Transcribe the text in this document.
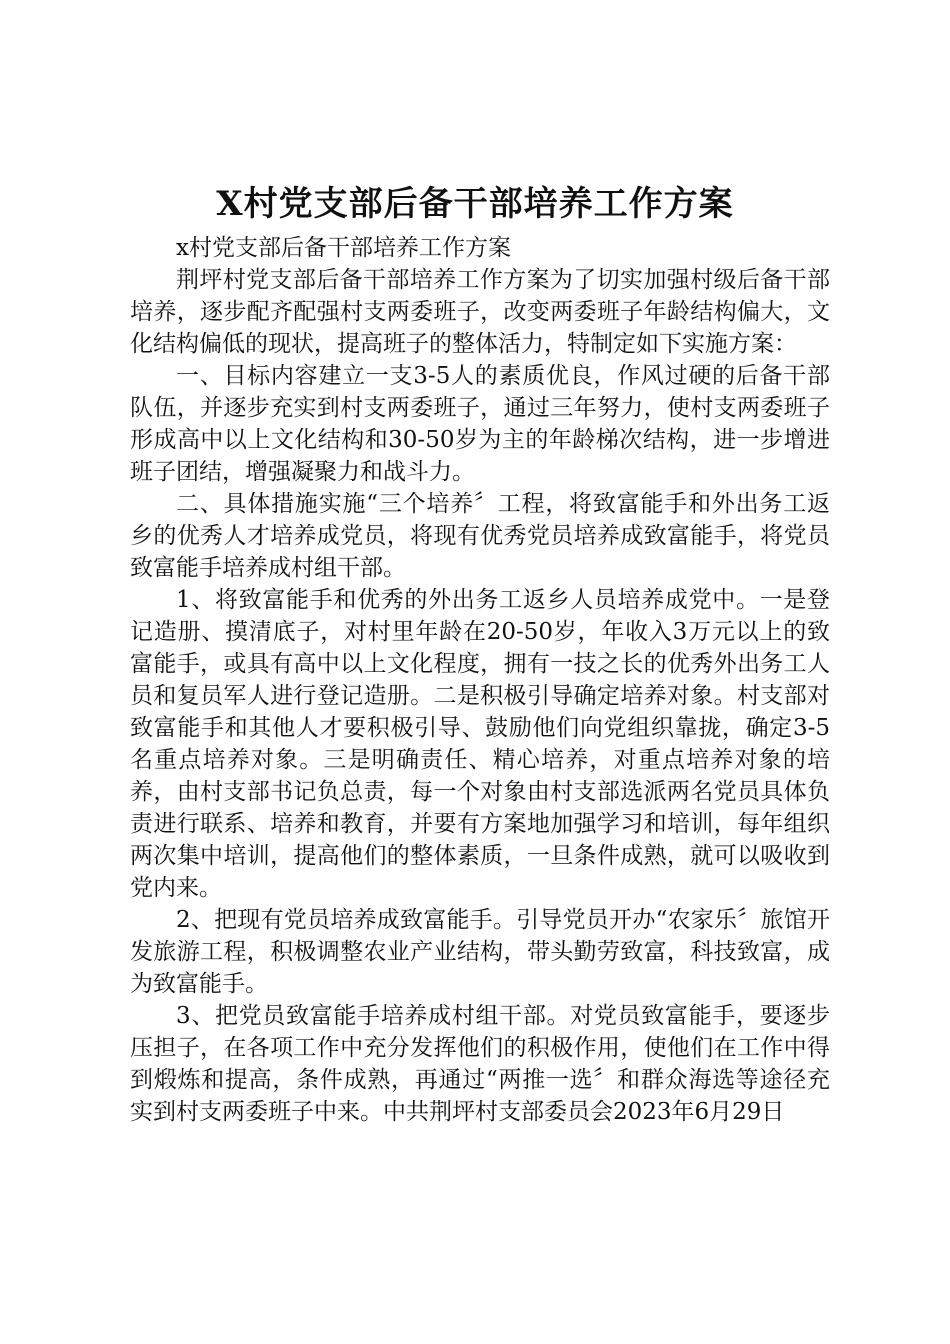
X村党支部后备干部培养工作方案

x村党支部后备干部培养工作方案

荆坪村党支部后备干部培养工作方案为了切实加强村级后备干部培养，逐步配齐配强村支两委班子，改变两委班子年龄结构偏大，文化结构偏低的现状，提高班子的整体活力，特制定如下实施方案：

一、目标内容建立一支3-5人的素质优良，作风过硬的后备干部队伍，并逐步充实到村支两委班子，通过三年努力，使村支两委班子形成高中以上文化结构和30-50岁为主的年龄梯次结构，进一步增进班子团结，增强凝聚力和战斗力。

二、具体措施实施“三个培养〞工程，将致富能手和外出务工返乡的优秀人才培养成党员，将现有优秀党员培养成致富能手，将党员致富能手培养成村组干部。

1、将致富能手和优秀的外出务工返乡人员培养成党中。一是登记造册、摸清底子，对村里年龄在20-50岁，年收入3万元以上的致富能手，或具有高中以上文化程度，拥有一技之长的优秀外出务工人员和复员军人进行登记造册。二是积极引导确定培养对象。村支部对致富能手和其他人才要积极引导、鼓励他们向党组织靠拢，确定3-5名重点培养对象。三是明确责任、精心培养，对重点培养对象的培养，由村支部书记负总责，每一个对象由村支部选派两名党员具体负责进行联系、培养和教育，并要有方案地加强学习和培训，每年组织两次集中培训，提高他们的整体素质，一旦条件成熟，就可以吸收到党内来。

2、把现有党员培养成致富能手。引导党员开办“农家乐〞旅馆开发旅游工程，积极调整农业产业结构，带头勤劳致富，科技致富，成为致富能手。

3、把党员致富能手培养成村组干部。对党员致富能手，要逐步压担子，在各项工作中充分发挥他们的积极作用，使他们在工作中得到煅炼和提高，条件成熟，再通过“两推一选〞和群众海选等途径充实到村支两委班子中来。中共荆坪村支部委员会2023年6月29日
